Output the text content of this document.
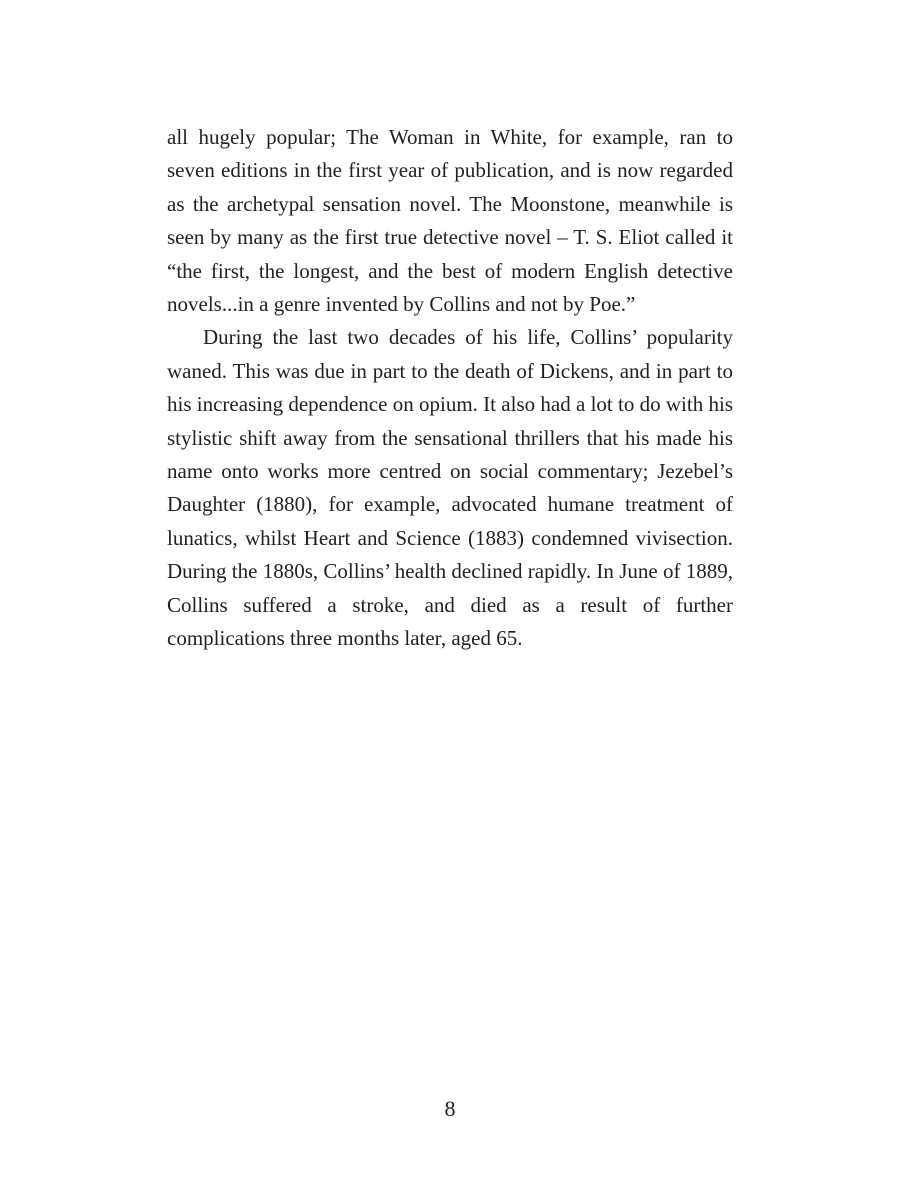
all hugely popular; The Woman in White, for example, ran to seven editions in the first year of publication, and is now regarded as the archetypal sensation novel. The Moonstone, meanwhile is seen by many as the first true detective novel – T. S. Eliot called it “the first, the longest, and the best of modern English detective novels...in a genre invented by Collins and not by Poe.”

During the last two decades of his life, Collins’ popularity waned. This was due in part to the death of Dickens, and in part to his increasing dependence on opium. It also had a lot to do with his stylistic shift away from the sensational thrillers that his made his name onto works more centred on social commentary; Jezebel’s Daughter (1880), for example, advocated humane treatment of lunatics, whilst Heart and Science (1883) condemned vivisection. During the 1880s, Collins’ health declined rapidly. In June of 1889, Collins suffered a stroke, and died as a result of further complications three months later, aged 65.

8
